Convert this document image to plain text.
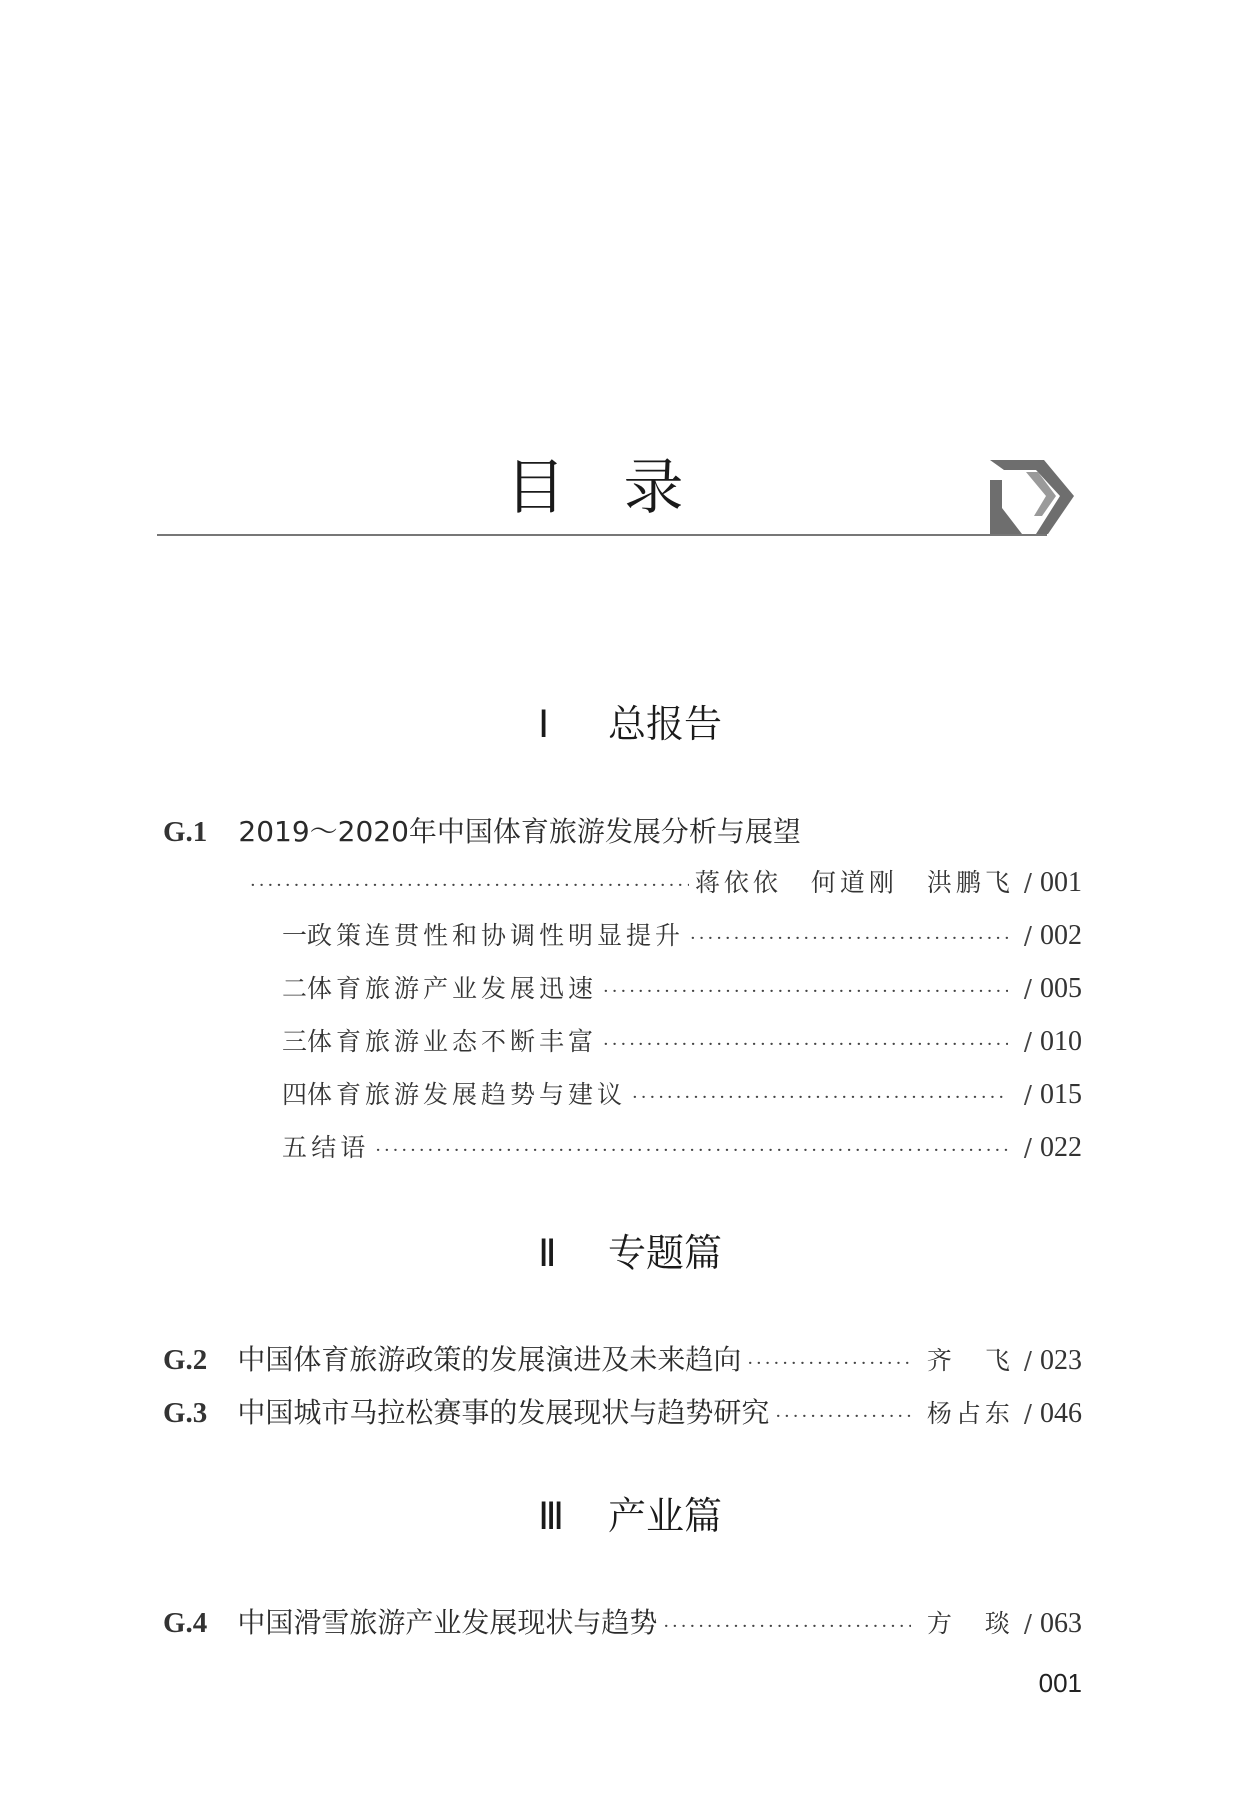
目录
Ⅰ 总报告
G.1 2019～2020年中国体育旅游发展分析与展望
·····
蒋依依　何道刚　洪鹏飞 / 001
一 政策连贯性和协调性明显提升 ·····	/ 002
二 体育旅游产业发展迅速 ·····	/ 005
三 体育旅游业态不断丰富 ·····	/ 010
四 体育旅游发展趋势与建议 ·····	/ 015
五 结语 ·····	/ 022
Ⅱ 专题篇
G.2 中国体育旅游政策的发展演进及未来趋向 ·····	齐　飞 / 023
G.3 中国城市马拉松赛事的发展现状与趋势研究 ·····	杨占东 / 046
Ⅲ 产业篇
G.4 中国滑雪旅游产业发展现状与趋势 ·····	方　琰 / 063
001
